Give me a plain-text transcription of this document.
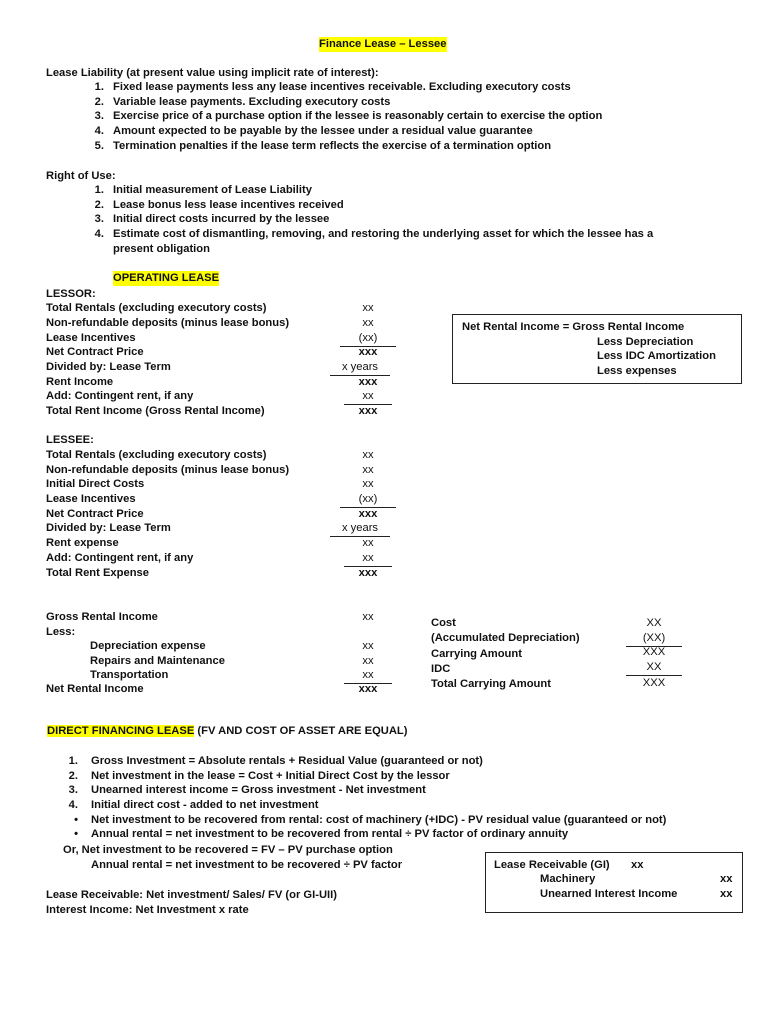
Finance Lease – Lessee
Lease Liability (at present value using implicit rate of interest):
1. Fixed lease payments less any lease incentives receivable. Excluding executory costs
2. Variable lease payments. Excluding executory costs
3. Exercise price of a purchase option if the lessee is reasonably certain to exercise the option
4. Amount expected to be payable by the lessee under a residual value guarantee
5. Termination penalties if the lease term reflects the exercise of a termination option
Right of Use:
1. Initial measurement of Lease Liability
2. Lease bonus less lease incentives received
3. Initial direct costs incurred by the lessee
4. Estimate cost of dismantling, removing, and restoring the underlying asset for which the lessee has a
present obligation
OPERATING LEASE
LESSOR:
Total Rentals (excluding executory costs)	xx
Non-refundable deposits (minus lease bonus)	xx
Lease Incentives	(xx)
Net Contract Price	xxx
Divided by: Lease Term	x years
Rent Income	xxx
Add: Contingent rent, if any	xx
Total Rent Income (Gross Rental Income)	xxx
Net Rental Income = Gross Rental Income
Less Depreciation
Less IDC Amortization
Less expenses
LESSEE:
Total Rentals (excluding executory costs)	xx
Non-refundable deposits (minus lease bonus)	xx
Initial Direct Costs	xx
Lease Incentives	(xx)
Net Contract Price	xxx
Divided by: Lease Term	x years
Rent expense	xx
Add: Contingent rent, if any	xx
Total Rent Expense	xxx
Gross Rental Income	xx
Less:
Depreciation expense	xx
Repairs and Maintenance	xx
Transportation	xx
Net Rental Income	xxx
Cost	XX
(Accumulated Depreciation)	(XX)
Carrying Amount	XXX
IDC	XX
Total Carrying Amount	XXX
DIRECT FINANCING LEASE (FV AND COST OF ASSET ARE EQUAL)
1. Gross Investment = Absolute rentals + Residual Value (guaranteed or not)
2. Net investment in the lease = Cost + Initial Direct Cost by the lessor
3. Unearned interest income = Gross investment - Net investment
4. Initial direct cost - added to net investment
• Net investment to be recovered from rental: cost of machinery (+IDC) - PV residual value (guaranteed or not)
• Annual rental = net investment to be recovered from rental ÷ PV factor of ordinary annuity
Or, Net investment to be recovered = FV – PV purchase option
Annual rental = net investment to be recovered ÷ PV factor
Lease Receivable: Net investment/ Sales/ FV (or GI-UII)
Interest Income: Net Investment x rate
Lease Receivable (GI) xx
Machinery	xx
Unearned Interest Income	xx
